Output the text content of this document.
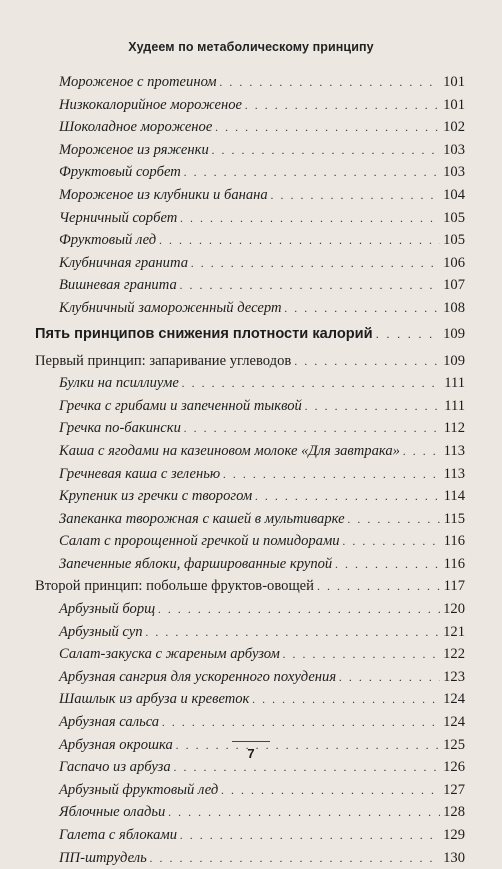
Худеем по метаболическому принципу
Мороженое с протеином . . .	101
Низкокалорийное мороженое . . .	101
Шоколадное мороженое . . .	102
Мороженое из ряженки . . .	103
Фруктовый сорбет . . .	103
Мороженое из клубники и банана . . .	104
Черничный сорбет . . .	105
Фруктовый лед . . .	105
Клубничная гранита . . .	106
Вишневая гранита . . .	107
Клубничный замороженный десерт . . .	108
Пять принципов снижения плотности калорий . . .	109
Первый принцип: запаривание углеводов . . .	109
Булки на псиллиуме . . .	111
Гречка с грибами и запеченной тыквой . . .	111
Гречка по-бакински . . .	112
Каша с ягодами на казеиновом молоке «Для завтрака» . . .	113
Гречневая каша с зеленью . . .	113
Крупеник из гречки с творогом . . .	114
Запеканка творожная с кашей в мультиварке . . .	115
Салат с пророщенной гречкой и помидорами . . .	116
Запеченные яблоки, фаршированные крупой . . .	116
Второй принцип: побольше фруктов-овощей . . .	117
Арбузный борщ . . .	120
Арбузный суп . . .	121
Салат-закуска с жареным арбузом . . .	122
Арбузная сангрия для ускоренного похудения . . .	123
Шашлык из арбуза и креветок . . .	124
Арбузная сальса . . .	124
Арбузная окрошка . . .	125
Гаспачо из арбуза . . .	126
Арбузный фруктовый лед . . .	127
Яблочные оладьи . . .	128
Галета с яблоками . . .	129
ПП-штрудель . . .	130
7
